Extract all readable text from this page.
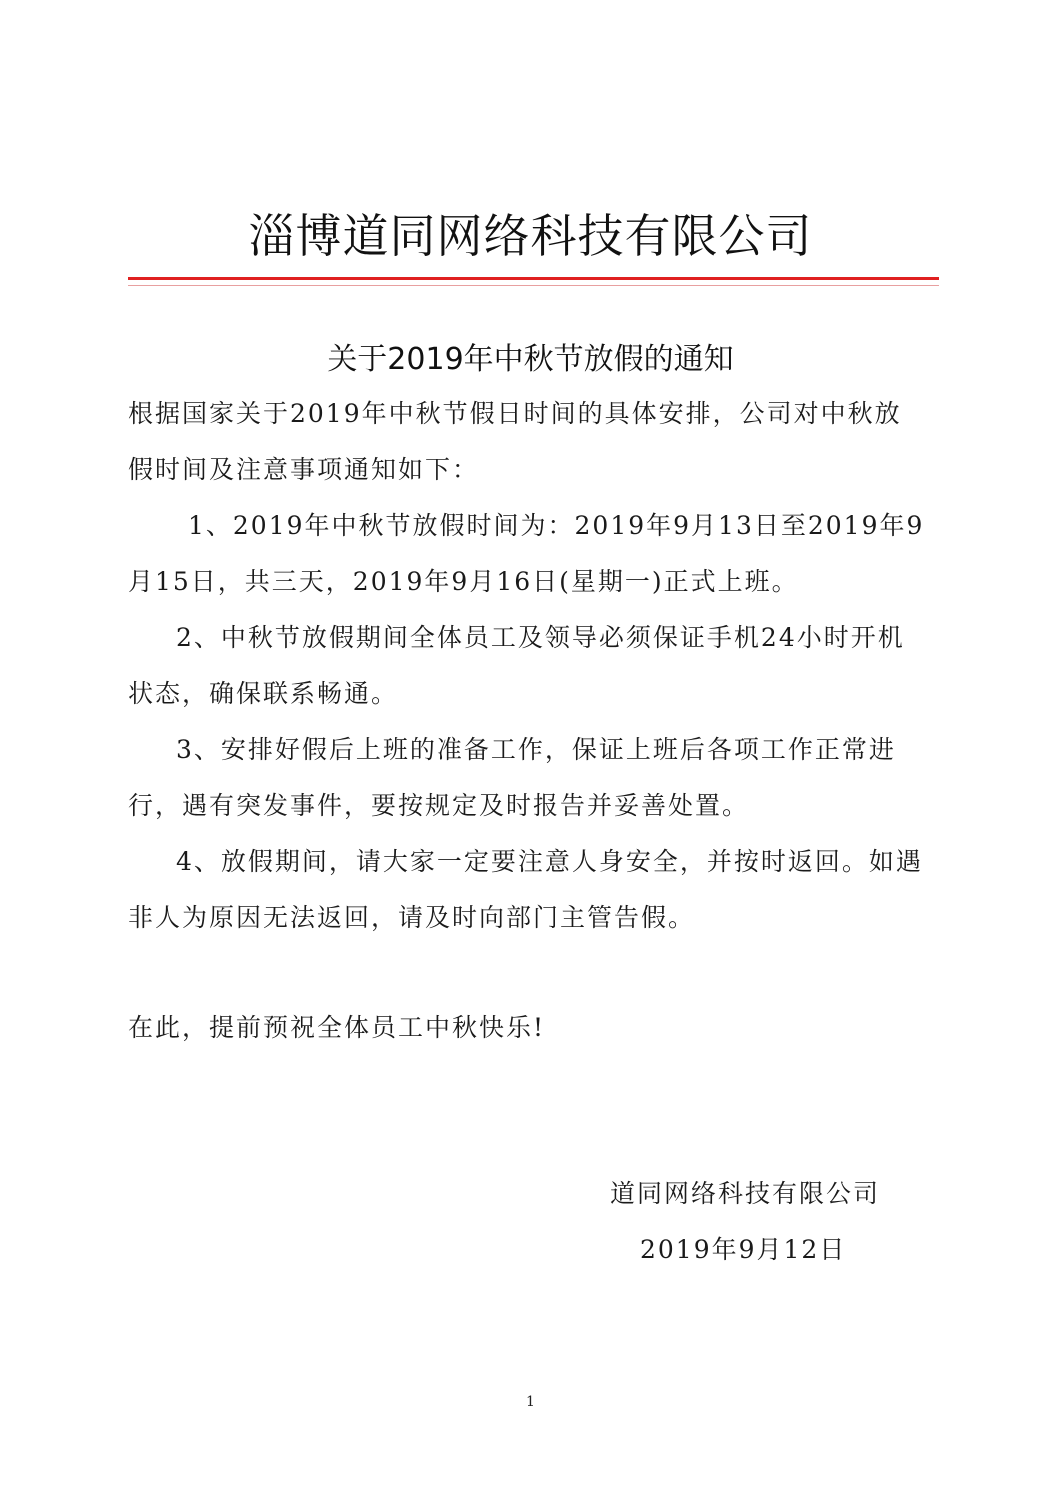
淄博道同网络科技有限公司
关于2019年中秋节放假的通知

根据国家关于2019年中秋节假日时间的具体安排，公司对中秋放假时间及注意事项通知如下：

1、2019年中秋节放假时间为：2019年9月13日至2019年9月15日，共三天，2019年9月16日(星期一)正式上班。

2、中秋节放假期间全体员工及领导必须保证手机24小时开机状态，确保联系畅通。

3、安排好假后上班的准备工作，保证上班后各项工作正常进行，遇有突发事件，要按规定及时报告并妥善处置。

4、放假期间，请大家一定要注意人身安全，并按时返回。如遇非人为原因无法返回，请及时向部门主管告假。

在此，提前预祝全体员工中秋快乐!

道同网络科技有限公司
2019年9月12日
1
